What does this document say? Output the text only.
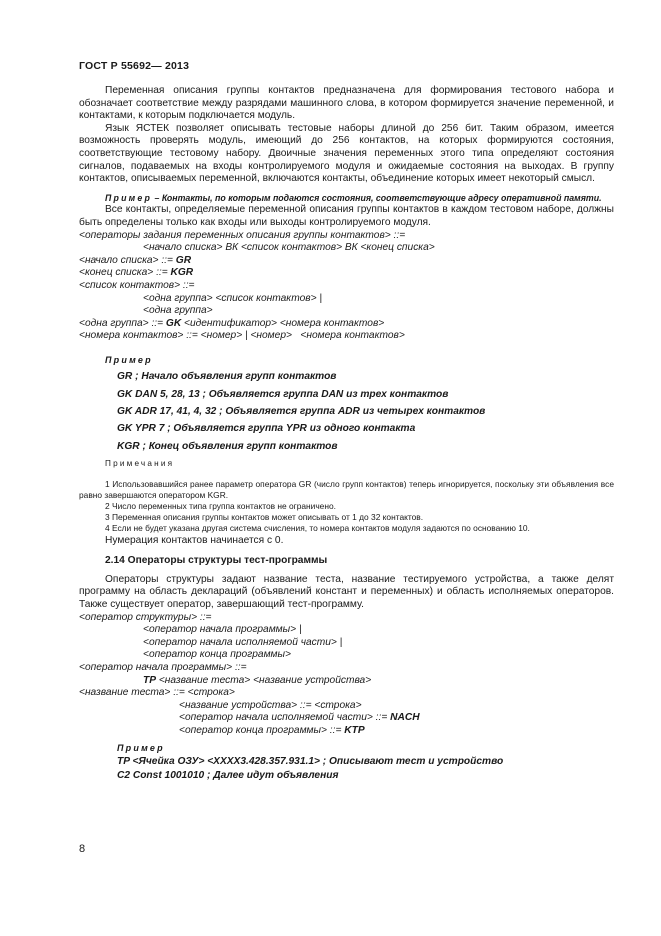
ГОСТ Р 55692— 2013

Переменная описания группы контактов предназначена для формирования тестового набора и обозначает соответствие между разрядами машинного слова, в котором формируется значение переменной, и контактами, к которым подключается модуль.

Язык ЯСТЕК позволяет описывать тестовые наборы длиной до 256 бит. Таким образом, имеется возможность проверять модуль, имеющий до 256 контактов, на которых формируются состояния, соответствующие тестовому набору. Двоичные значения переменных этого типа определяют состояния сигналов, подаваемых на входы контролируемого модуля и ожидаемые состояния на выходах. В группу контактов, описываемых переменной, включаются контакты, объединение которых имеет некоторый смысл.

Пример – Контакты, по которым подаются состояния, соответствующие адресу оперативной памяти.

Все контакты, определяемые переменной описания группы контактов в каждом тестовом наборе, должны быть определены только как входы или выходы контролируемого модуля.

<операторы задания переменных описания группы контактов> ::=

<начало списка> ВК <список контактов> ВК <конец списка>

<начало списка> ::= GR

<конец списка> ::= KGR

<список контактов> ::=

<одна группа> <список контактов> |

<одна группа>

<одна группа> ::= GK <идентификатор> <номера контактов>

<номера контактов> ::= <номер> | <номер>   <номера контактов>

Пример

GR ; Начало объявления групп контактов

GK DAN 5, 28, 13 ; Объявляется группа DAN из трех контактов

GK ADR 17, 41, 4, 32 ; Объявляется группа ADR из четырех контактов

GK YPR 7 ; Объявляется группа YPR из одного контакта

KGR ; Конец объявления групп контактов

Примечания

1 Использовавшийся ранее параметр оператора GR (число групп контактов) теперь игнорируется, поскольку эти объявления все равно завершаются оператором KGR.

2 Число переменных типа группа контактов не ограничено.

3 Переменная описания группы контактов может описывать от 1 до 32 контактов.

4 Если не будет указана другая система счисления, то номера контактов модуля задаются по основанию 10.

Нумерация контактов начинается с 0.

2.14 Операторы структуры тест-программы

Операторы структуры задают название теста, название тестируемого устройства, а также делят программу на область деклараций (объявлений констант и переменных) и область исполняемых операторов. Также существует оператор, завершающий тест-программу.

<оператор структуры> ::=

<оператор начала программы> |

<оператор начала исполняемой части> |

<оператор конца программы>

<оператор начала программы> ::=

TP <название теста> <название устройства>

<название теста> ::= <строка>

<название устройства> ::= <строка>

<оператор начала исполняемой части> ::= NACH

<оператор конца программы> ::= KTP

Пример

TP <Ячейка ОЗУ> <ХХХХ3.428.357.931.1> ; Описывают тест и устройство

C2 Const 1001010 ; Далее идут объявления

8
